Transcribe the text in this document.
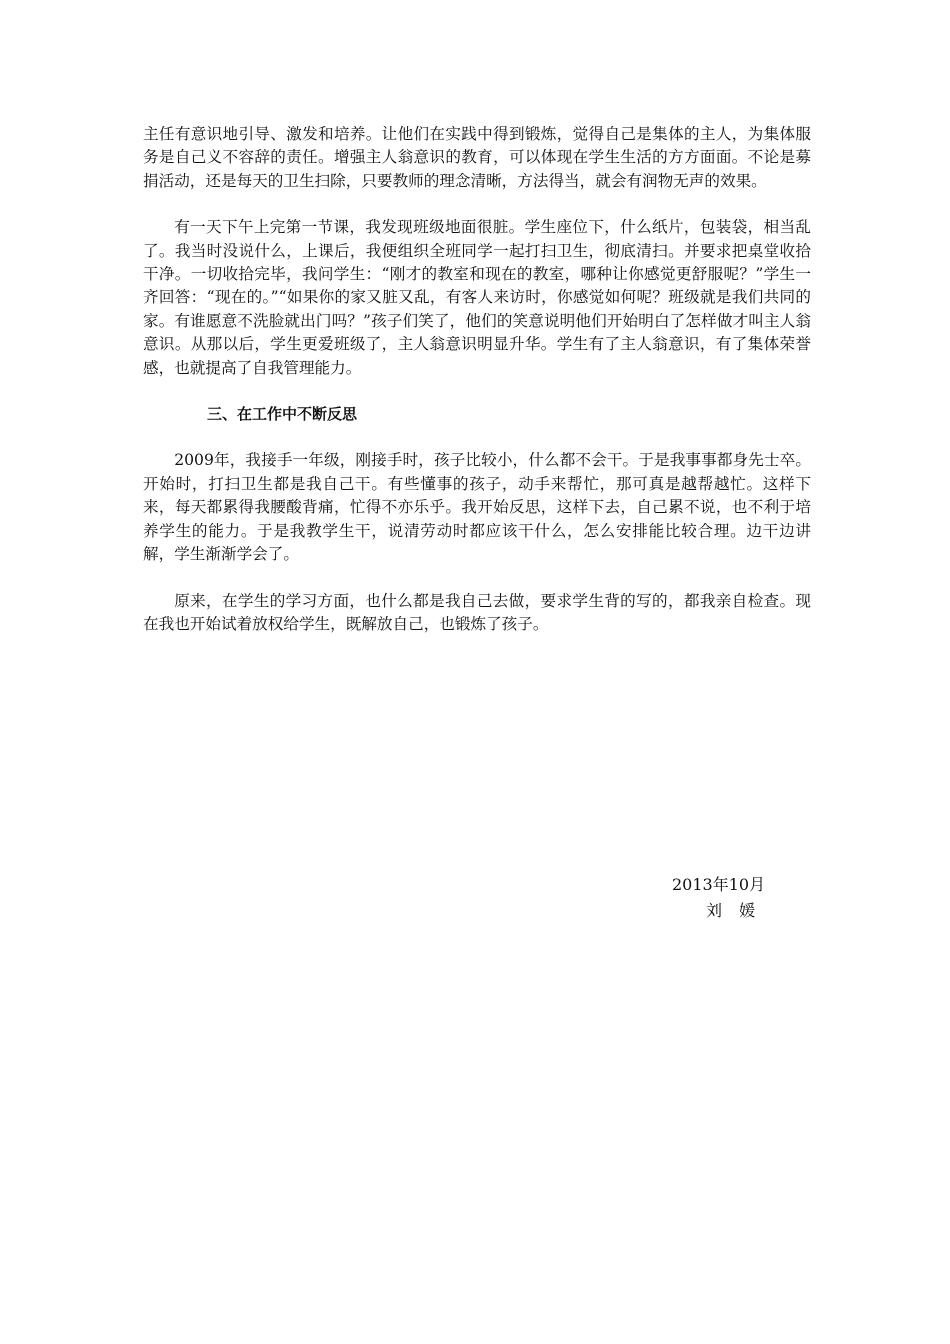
主任有意识地引导、激发和培养。让他们在实践中得到锻炼，觉得自己是集体的主人，为集体服务是自己义不容辞的责任。增强主人翁意识的教育，可以体现在学生生活的方方面面。不论是募捐活动，还是每天的卫生扫除，只要教师的理念清晰，方法得当，就会有润物无声的效果。

有一天下午上完第一节课，我发现班级地面很脏。学生座位下，什么纸片，包装袋，相当乱了。我当时没说什么，上课后，我便组织全班同学一起打扫卫生，彻底清扫。并要求把桌堂收拾干净。一切收拾完毕，我问学生：“刚才的教室和现在的教室，哪种让你感觉更舒服呢？”学生一齐回答：“现在的。”“如果你的家又脏又乱，有客人来访时，你感觉如何呢？班级就是我们共同的家。有谁愿意不洗脸就出门吗？”孩子们笑了，他们的笑意说明他们开始明白了怎样做才叫主人翁意识。从那以后，学生更爱班级了，主人翁意识明显升华。学生有了主人翁意识，有了集体荣誉感，也就提高了自我管理能力。

三、在工作中不断反思

2009年，我接手一年级，刚接手时，孩子比较小，什么都不会干。于是我事事都身先士卒。开始时，打扫卫生都是我自己干。有些懂事的孩子，动手来帮忙，那可真是越帮越忙。这样下来，每天都累得我腰酸背痛，忙得不亦乐乎。我开始反思，这样下去，自己累不说，也不利于培养学生的能力。于是我教学生干，说清劳动时都应该干什么，怎么安排能比较合理。边干边讲解，学生渐渐学会了。

原来，在学生的学习方面，也什么都是我自己去做，要求学生背的写的，都我亲自检查。现在我也开始试着放权给学生，既解放自己，也锻炼了孩子。

2013年10月
刘 媛
